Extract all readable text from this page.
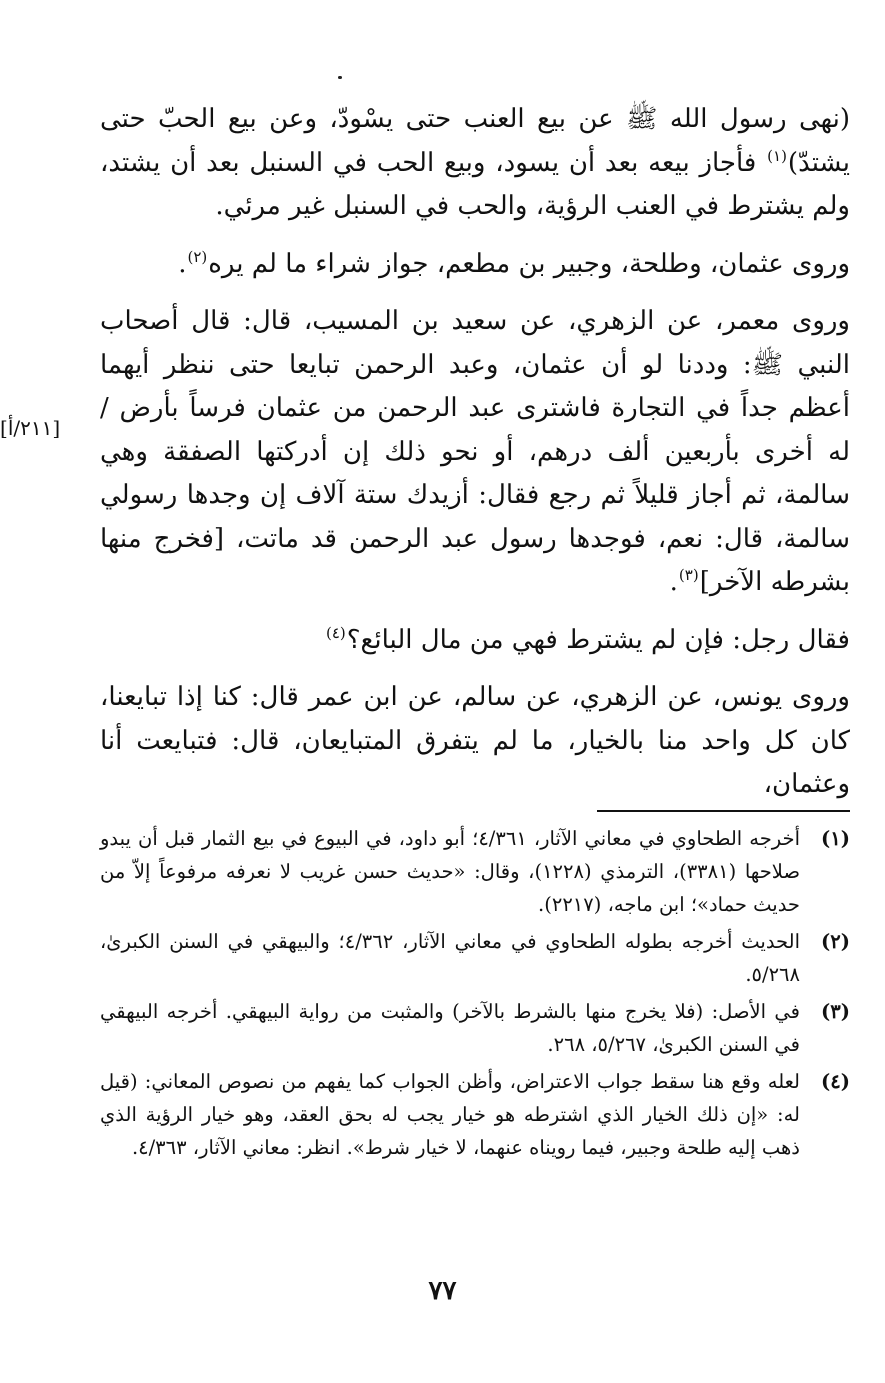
(نهى رسول الله ﷺ عن بيع العنب حتى يسْودّ، وعن بيع الحبّ حتى يشتدّ)$^{(١)}$ فأجاز بيعه بعد أن يسود، وبيع الحب في السنبل بعد أن يشتد، ولم يشترط في العنب الرؤية، والحب في السنبل غير مرئي.

وروى عثمان، وطلحة، وجبير بن مطعم، جواز شراء ما لم يره$^{(٢)}$.

وروى معمر، عن الزهري، عن سعيد بن المسيب، قال: قال أصحاب النبي ﷺ: وددنا لو أن عثمان، وعبد الرحمن تبايعا حتى ننظر أيهما أعظم جداً في التجارة فاشترى عبد الرحمن من عثمان فرساً بأرض / له أخرى بأربعين ألف درهم، أو نحو ذلك إن أدركتها الصفقة وهي سالمة، ثم أجاز قليلاً ثم رجع فقال: أزيدك ستة آلاف إن وجدها رسولي سالمة، قال: نعم، فوجدها رسول عبد الرحمن قد ماتت، [فخرج منها بشرطه الآخر]$^{(٣)}$.

فقال رجل: فإن لم يشترط فهي من مال البائع؟$^{(٤)}$

وروى يونس، عن الزهري، عن سالم، عن ابن عمر قال: كنا إذا تبايعنا، كان كل واحد منا بالخيار، ما لم يتفرق المتبايعان، قال: فتبايعت أنا وعثمان،

[٢١١/أ]
(١)
أخرجه الطحاوي في معاني الآثار، ٤/٣٦١؛ أبو داود، في البيوع في بيع الثمار قبل أن يبدو صلاحها (٣٣٨١)، الترمذي (١٢٢٨)، وقال: «حديث حسن غريب لا نعرفه مرفوعاً إلاّ من حديث حماد»؛ ابن ماجه، (٢٢١٧).
(٢)
الحديث أخرجه بطوله الطحاوي في معاني الآثار، ٤/٣٦٢؛ والبيهقي في السنن الكبرىٰ، ٥/٢٦٨.
(٣)
في الأصل: (فلا يخرج منها بالشرط بالآخر) والمثبت من رواية البيهقي. أخرجه البيهقي في السنن الكبرىٰ، ٥/٢٦٧، ٢٦٨.
(٤)
لعله وقع هنا سقط جواب الاعتراض، وأظن الجواب كما يفهم من نصوص المعاني: (قيل له: «إن ذلك الخيار الذي اشترطه هو خيار يجب له بحق العقد، وهو خيار الرؤية الذي ذهب إليه طلحة وجبير، فيما رويناه عنهما، لا خيار شرط». انظر: معاني الآثار، ٤/٣٦٣.
٧٧
